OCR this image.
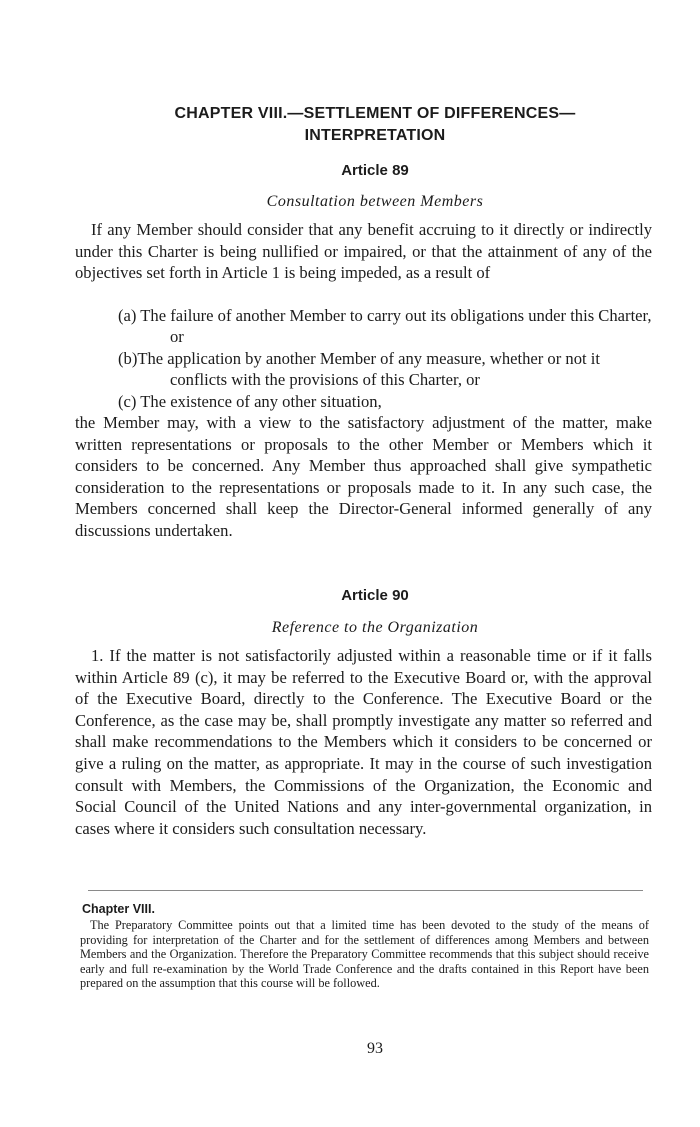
CHAPTER VIII.—SETTLEMENT OF DIFFERENCES—
INTERPRETATION
Article 89
Consultation between Members
If any Member should consider that any benefit accruing to it directly or indirectly under this Charter is being nullified or impaired, or that the attainment of any of the objectives set forth in Article 1 is being impeded, as a result of
(a) The failure of another Member to carry out its obligations under this Charter, or
(b)The application by another Member of any measure, whether or not it conflicts with the provisions of this Charter, or
(c) The existence of any other situation,
the Member may, with a view to the satisfactory adjustment of the matter, make written representations or proposals to the other Member or Members which it considers to be concerned. Any Member thus approached shall give sympathetic consideration to the representations or proposals made to it. In any such case, the Members concerned shall keep the Director-General informed generally of any discussions undertaken.
Article 90
Reference to the Organization
1. If the matter is not satisfactorily adjusted within a reasonable time or if it falls within Article 89 (c), it may be referred to the Executive Board or, with the approval of the Executive Board, directly to the Conference. The Executive Board or the Conference, as the case may be, shall promptly investigate any matter so referred and shall make recommendations to the Members which it considers to be concerned or give a ruling on the matter, as appropriate. It may in the course of such investigation consult with Members, the Commissions of the Organization, the Economic and Social Council of the United Nations and any inter-governmental organization, in cases where it considers such consultation necessary.
Chapter VIII.
The Preparatory Committee points out that a limited time has been devoted to the study of the means of providing for interpretation of the Charter and for the settlement of differences among Members and between Members and the Organization. Therefore the Preparatory Committee recommends that this subject should receive early and full re-examination by the World Trade Conference and the drafts contained in this Report have been prepared on the assumption that this course will be followed.
93
